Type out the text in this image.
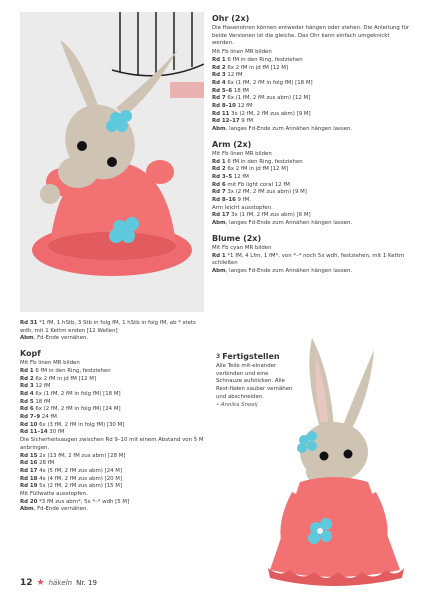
Ohr (2x)
Die Hasenohren können entweder hängen oder stehen. Die Anleitung für beide Versionen ist die gleiche. Das Ohr kann einfach umgeknickt werden.
Mit Fb linen MR bilden
Rd 1 6 fM in den Ring, festziehen
Rd 2 6x 2 fM in jd fM [12 M]
Rd 3 12 fM
Rd 4 6x (1 fM, 2 fM in folg fM) [18 M]
Rd 5–6 18 fM
Rd 7 6x (1 fM, 2 fM zus abm) [12 M]
Rd 8–10 12 fM
Rd 11 3x (2 fM, 2 fM zus abm) [9 M]
Rd 12–17 9 fM
Abm, langes Fd-Ende zum Annähen hängen lassen.
Arm (2x)
Mit Fb linen MR bilden
Rd 1 6 fM in den Ring, festziehen
Rd 2 6x 2 fM in jd fM [12 M]
Rd 3–5 12 fM
Rd 6 mit Fb light coral 12 fM
Rd 7 3x (2 fM, 2 fM zus abm) [9 M]
Rd 8–16 9 fM.
Arm leicht ausstopfen.
Rd 17 3x (1 fM, 2 fM zus abm) [6 M]
Abm, langes Fd-Ende zum Annähen hängen lassen.
Blume (2x)
Mit Fb cyan MR bilden
Rd 1 *1 fM, 4 Lfm, 1 fM*, von *–* noch 5x wdh, festziehen, mit 1 Kettm schließen
Abm, langes Fd-Ende zum Annähen hängen lassen.
Rd 31 *1 fM, 1 hStb, 3 Stb in folg fM, 1 hStb in folg fM, ab * stets wdh, mit 1 Kettm enden [12 Wellen]
Abm, Fd-Ende vernähen.
Kopf
Mit Fb linen MR bilden
Rd 1 6 fM in den Ring, festziehen
Rd 2 6x 2 fM in jd fM [12 M]
Rd 3 12 fM
Rd 4 6x (1 fM, 2 fM in folg fM) [18 M]
Rd 5 18 fM
Rd 6 6x (2 fM, 2 fM in folg fM) [24 M]
Rd 7–9 24 fM
Rd 10 6x (3 fM, 2 fM in folg fM) [30 M]
Rd 11–14 30 fM
Die Sicherheitsaugen zwischen Rd 9–10 mit einem Abstand von 5 M anbringen.
Rd 15 2x (13 fM, 2 fM zus abm) [28 M]
Rd 16 28 fM
Rd 17 4x (5 fM, 2 fM zus abm) [24 M]
Rd 18 4x (4 fM, 2 fM zus abm) [20 M]
Rd 19 5x (2 fM, 2 fM zus abm) [15 M]
Mit Füllwatte ausstopfen.
Rd 20 *3 fM zus abm*, 5x *–* wdh [5 M]
Abm, Fd-Ende vernähen.
3 Fertigstellen
Alle Teile mit-einander verbinden und eine Schnauze aufsticken. Alle Rest-fäden sauber vernähen und abschneiden.
• Annika Snoeij
12 ★ häkeln Nr. 19
